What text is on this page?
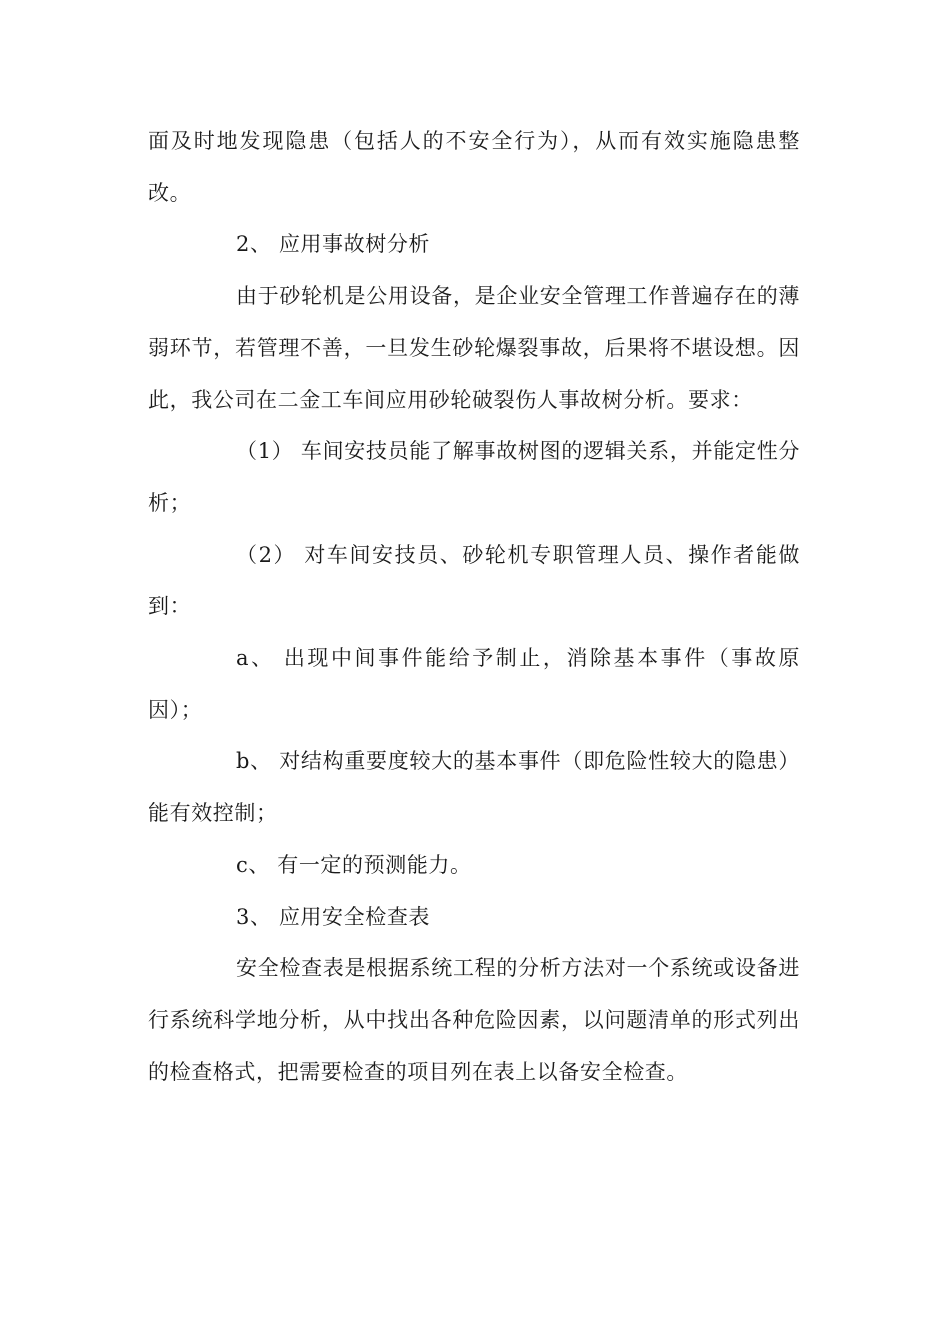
面及时地发现隐患（包括人的不安全行为），从而有效实施隐患整改。

2、 应用事故树分析

由于砂轮机是公用设备，是企业安全管理工作普遍存在的薄弱环节，若管理不善，一旦发生砂轮爆裂事故，后果将不堪设想。因此，我公司在二金工车间应用砂轮破裂伤人事故树分析。要求：

（1） 车间安技员能了解事故树图的逻辑关系，并能定性分析；

（2） 对车间安技员、砂轮机专职管理人员、操作者能做到：

a、 出现中间事件能给予制止，消除基本事件（事故原因）；

b、 对结构重要度较大的基本事件（即危险性较大的隐患）能有效控制；

c、 有一定的预测能力。

3、 应用安全检查表

安全检查表是根据系统工程的分析方法对一个系统或设备进行系统科学地分析，从中找出各种危险因素，以问题清单的形式列出的检查格式，把需要检查的项目列在表上以备安全检查。
